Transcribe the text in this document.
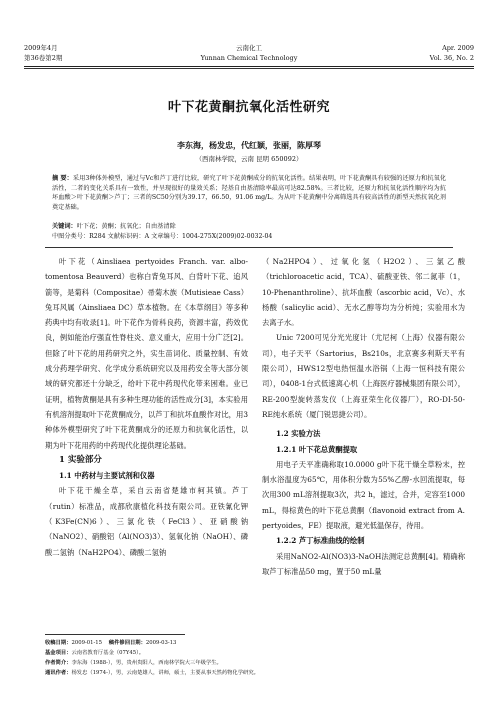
2009年4月	云南化工	Apr. 2009
第36卷第2期	Yunnan Chemical Technology	Vol. 36, No. 2
叶下花黄酮抗氧化活性研究
李东海，杨发忠，代红颖，张丽，陈厚琴
（西南林学院，云南 昆明 650092）
摘 要：采用3种体外模型，通过与Vc和芦丁进行比较，研究了叶下花黄酮成分的抗氧化活性。结果表明，叶下花黄酮具有较强的还原力和抗氧化活性，二者的变化关系具有一致性，并呈现很好的量效关系；羟基自由基清除率最高可达82.58%。三者比较，还原力和抗氧化活性顺序均为抗坏血酸＞叶下花黄酮＞芦丁；三者的SC50分别为39.17，66.50，91.06 mg/L。为从叶下花黄酮中分离筛选具有较高活性的新型天然抗氧化剂奠定基础。
关键词：叶下花；黄酮；抗氧化；自由基清除
中图分类号：R284 文献标识码：A 文章编号：1004-275X(2009)02-0032-04

叶下花（Ainsliaea pertyoides Franch. var. albo-tomentosa Beauverd）也称白背兔耳风、白背叶下花、追风箭等，是菊科（Compositae）帚菊木族（Mutisieae Cass）兔耳风属（Ainsliaea DC）草本植物。在《本草纲目》等多种药典中均有收录[1]。叶下花作为骨科良药，资源丰富，药效优良，例如能治疗强直性脊柱炎、意义重大，应用十分广泛[2]。但除了叶下花的用药研究之外，实生苗词化、质量控制、有效成分药理学研究、化学成分系统研究以及用药安全等大部分领域的研究都还十分缺乏，给叶下花中药现代化带来困难。业已证明，植物黄酮是具有多种生理功能的活性成分[3]，本实验用有机溶剂提取叶下花黄酮成分，以芦丁和抗坏血酸作对比，用3种体外模型研究了叶下花黄酮成分的还原力和抗氧化活性，以期为叶下花用药的中药现代化提供理论基础。

1 实验部分

1.1 中药材与主要试剂和仪器

叶下花干燥全草，采自云南省楚雄市柯其镇。芦丁（rutin）标准品，成都欣康植化科技有限公司。亚铁氰化钾（K3Fe(CN)6）、三氯化铁（FeCl3）、亚硝酸钠（NaNO2）、硝酸铝（Al(NO3)3）、氢氧化钠（NaOH）、磷酸二氢钠（NaH2PO4）、磷酸二氢钠

（Na2HPO4）、过氧化氢（H2O2）、三氯乙酸（trichloroacetic acid，TCA）、硫酸亚铁、邻二氮菲（1，10-Phenanthroline）、抗坏血酸（ascorbic acid，Vc）、水杨酸（salicylic acid）、无水乙醇等均为分析纯；实验用水为去离子水。

Unic 7200可见分光光度计（尤尼柯（上海）仪器有限公司），电子天平（Sartorius，Bs210s，北京赛多利斯天平有限公司），HWS12型电热恒温水浴锅（上海一恒科技有限公司），0408-1台式低速离心机（上海医疗器械集团有限公司），RE-200型旋转蒸发仪（上海亚荣生化仪器厂），RO-DI-50-RE纯水系统（厦门锐思捷公司）。

1.2 实验方法

1.2.1 叶下花总黄酮提取

用电子天平准确称取10.0000 g叶下花干燥全草粉末，控制水浴温度为65℃，用体积分数为55%乙醇-水回流提取，每次用300 mL溶剂提取3次，共2 h，滤过，合并，定容至1000 mL，得棕黄色的叶下花总黄酮（flavonoid extract from A. pertyoides，FE）提取液，避光低温保存，待用。

1.2.2 芦丁标准曲线的绘制

采用NaNO2-Al(NO3)3-NaOH法测定总黄酮[4]。精确称取芦丁标准品50 mg，置于50 mL量

收稿日期：2009-01-15 稿件修回日期：2009-03-13
基金项目：云南省教育厅基金（07Y45）。
作者简介：李东海（1988-），男，贵州贵阳人，西南林学院大三年级学生。
通讯作者：杨发忠（1974-），男，云南楚雄人，讲师，硕士，主要从事天然药物化学研究。
